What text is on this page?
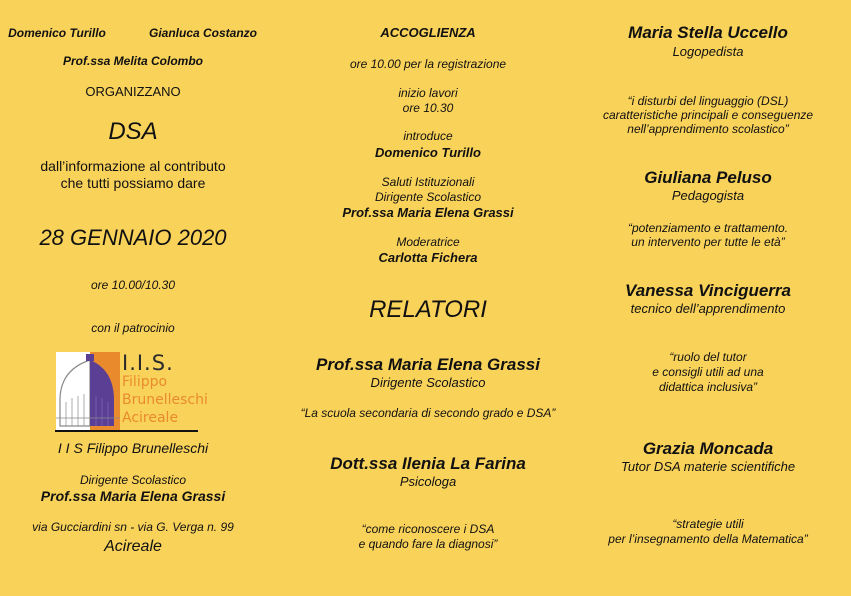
Domenico Turillo	Gianluca Costanzo
Prof.ssa Melita Colombo
ORGANIZZANO
DSA
dall’informazione al contributo
che tutti possiamo dare
28 GENNAIO 2020
ore 10.00/10.30
con il patrocinio
I.I.S.
Filippo
Brunelleschi
Acireale
I I S Filippo Brunelleschi
Dirigente Scolastico
Prof.ssa Maria Elena Grassi
via Gucciardini sn - via G. Verga n. 99
Acireale
ACCOGLIENZA
ore 10.00 per la registrazione
inizio lavori
ore 10.30
introduce
Domenico Turillo
Saluti Istituzionali
Dirigente Scolastico
Prof.ssa Maria Elena Grassi
Moderatrice
Carlotta Fichera
RELATORI
Prof.ssa Maria Elena Grassi
Dirigente Scolastico
“La scuola secondaria di secondo grado e DSA”
Dott.ssa Ilenia La Farina
Psicologa
“come riconoscere i DSA
e quando fare la diagnosi”
Maria Stella Uccello
Logopedista
“i disturbi del linguaggio (DSL)
caratteristiche principali e conseguenze
nell’apprendimento scolastico”
Giuliana Peluso
Pedagogista
“potenziamento e trattamento.
un intervento per tutte le età”
Vanessa Vinciguerra
tecnico dell’apprendimento
“ruolo del tutor
e consigli utili ad una
didattica inclusiva”
Grazia Moncada
Tutor DSA materie scientifiche
“strategie utili
per l’insegnamento della Matematica”
